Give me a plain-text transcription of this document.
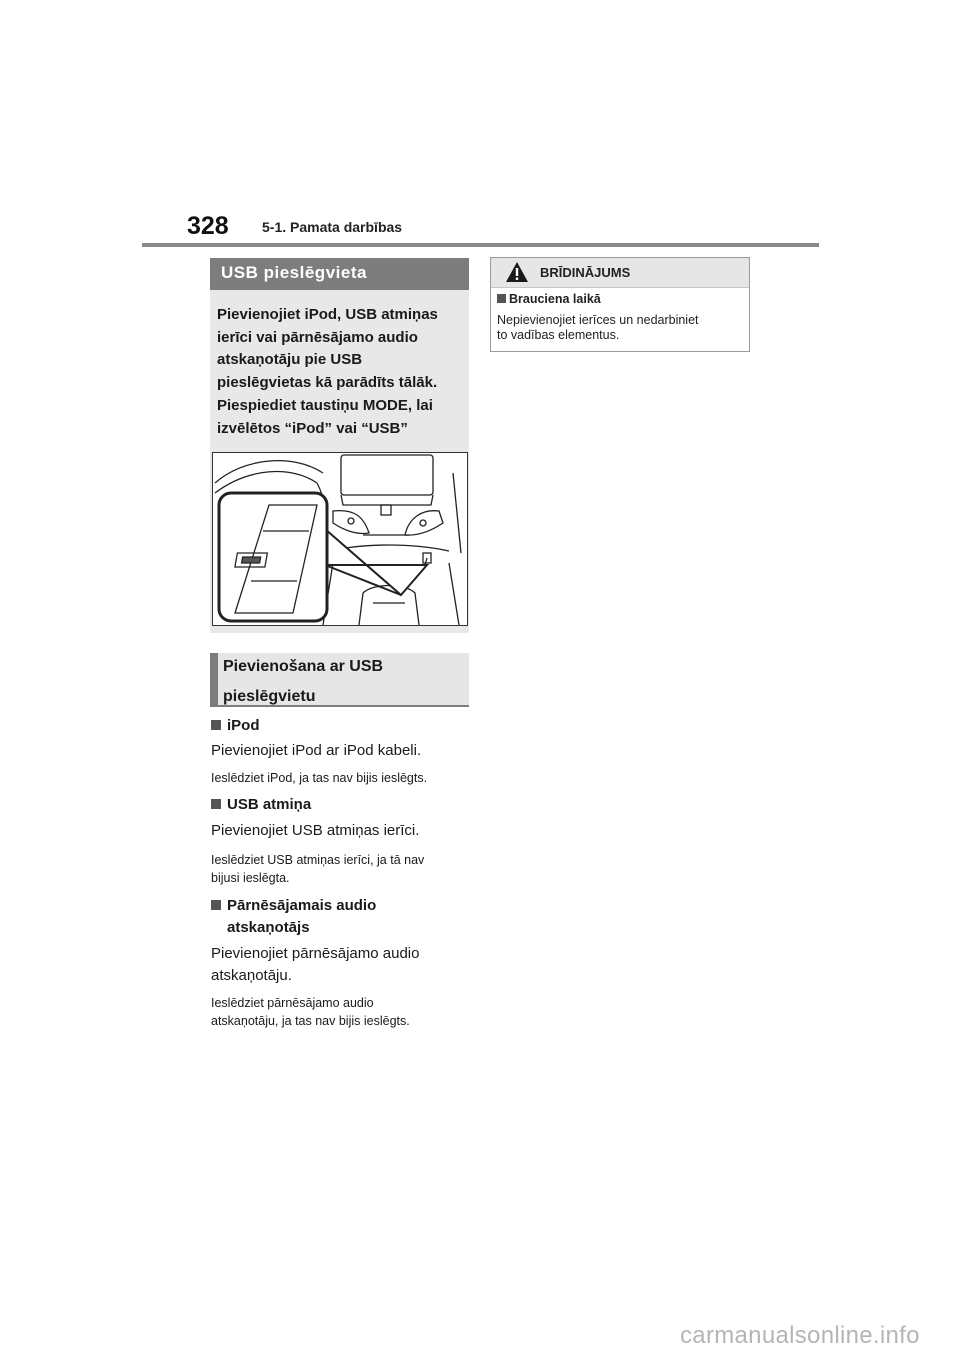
328 5-1. Pamata darbības
USB pieslēgvieta
Pievienojiet iPod, USB atmiņas
ierīci vai pārnēsājamo audio
atskaņotāju pie USB
pieslēgvietas kā parādīts tālāk.
Piespiediet taustiņu MODE, lai
izvēlētos “iPod” vai “USB”
Pievienošana ar USB
pieslēgvietu
iPod
Pievienojiet iPod ar iPod kabeli.
Ieslēdziet iPod, ja tas nav bijis ieslēgts.
USB atmiņa
Pievienojiet USB atmiņas ierīci.
Ieslēdziet USB atmiņas ierīci, ja tā nav
bijusi ieslēgta.
Pārnēsājamais audio
atskaņotājs
Pievienojiet pārnēsājamo audio
atskaņotāju.
Ieslēdziet pārnēsājamo audio
atskaņotāju, ja tas nav bijis ieslēgts.
BRĪDINĀJUMS
Brauciena laikā
Nepievienojiet ierīces un nedarbiniet
to vadības elementus.
carmanualsonline.info
